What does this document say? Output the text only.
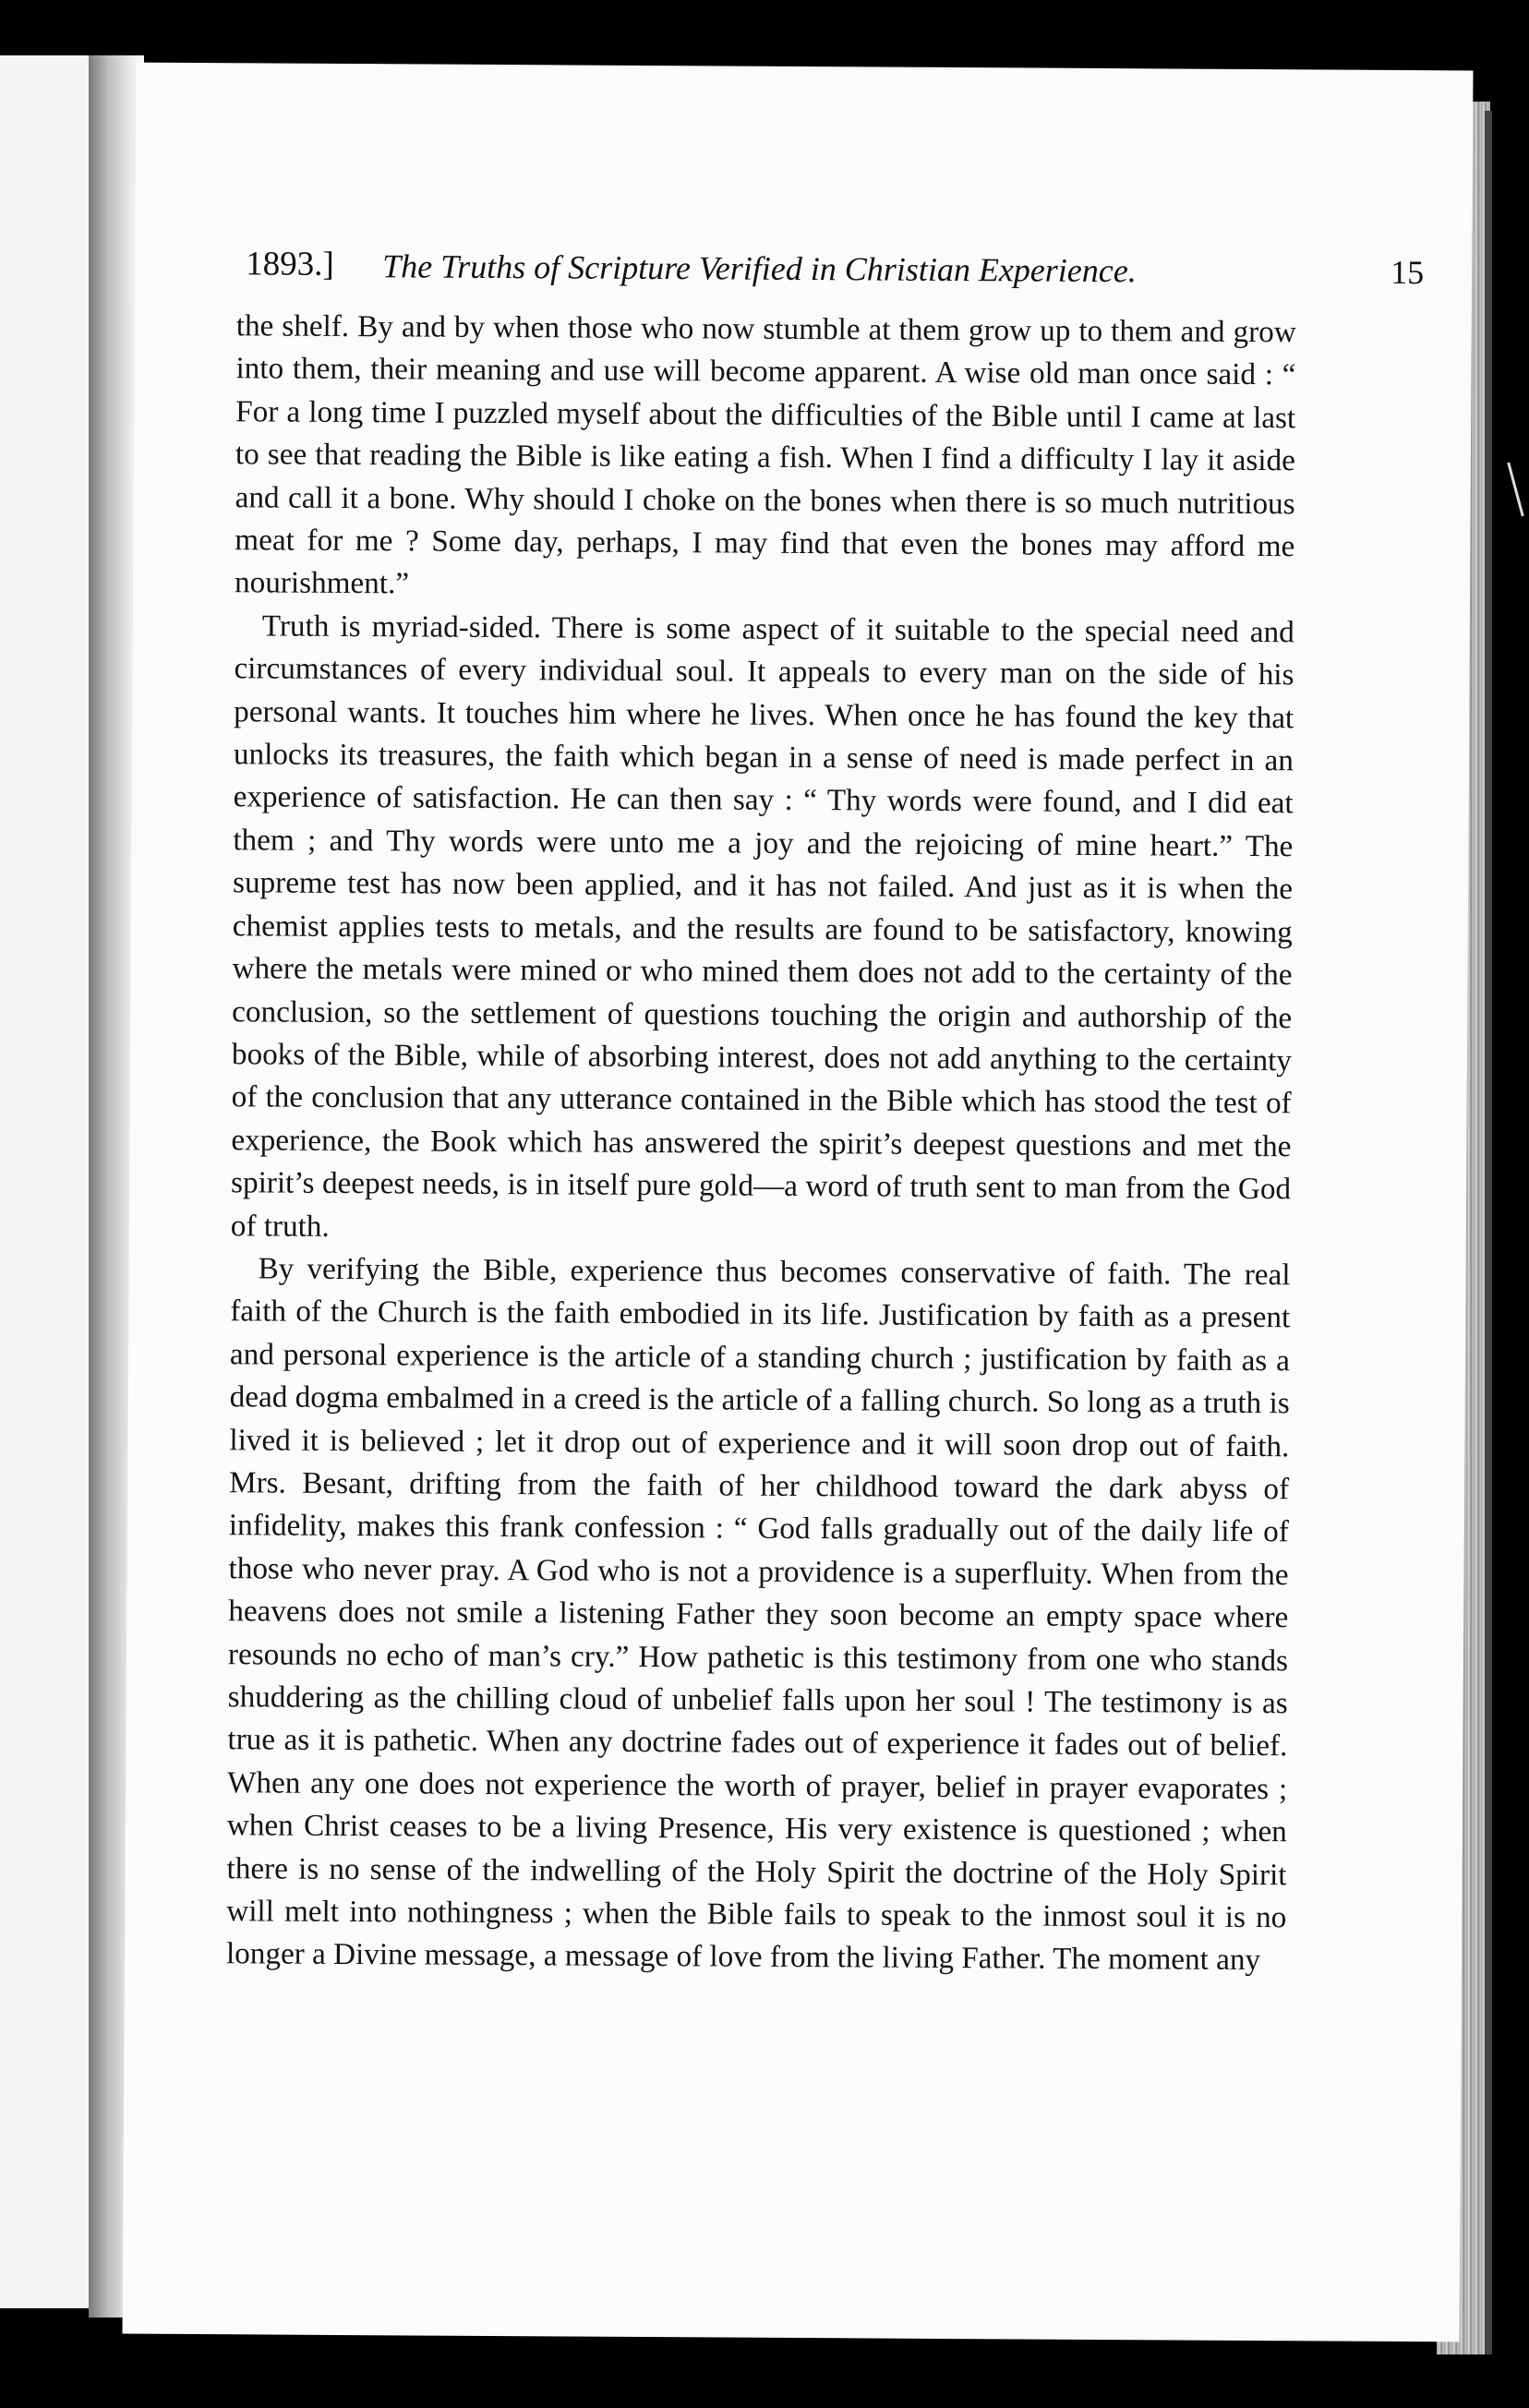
1893.] The Truths of Scripture Verified in Christian Experience.	15

the shelf. By and by when those who now stumble at them grow up to them and grow into them, their meaning and use will become apparent. A wise old man once said : “ For a long time I puzzled myself about the difficulties of the Bible until I came at last to see that reading the Bible is like eating a fish. When I find a difficulty I lay it aside and call it a bone. Why should I choke on the bones when there is so much nutritious meat for me ? Some day, perhaps, I may find that even the bones may afford me nourishment.”

Truth is myriad-sided. There is some aspect of it suitable to the special need and circumstances of every individual soul. It appeals to every man on the side of his personal wants. It touches him where he lives. When once he has found the key that unlocks its treasures, the faith which began in a sense of need is made perfect in an experience of satisfaction. He can then say : “ Thy words were found, and I did eat them ; and Thy words were unto me a joy and the rejoicing of mine heart.” The supreme test has now been applied, and it has not failed. And just as it is when the chemist applies tests to metals, and the results are found to be satisfactory, knowing where the metals were mined or who mined them does not add to the certainty of the conclusion, so the settlement of questions touching the origin and authorship of the books of the Bible, while of absorbing interest, does not add anything to the certainty of the conclusion that any utterance contained in the Bible which has stood the test of experience, the Book which has answered the spirit’s deepest questions and met the spirit’s deepest needs, is in itself pure gold—a word of truth sent to man from the God of truth.

By verifying the Bible, experience thus becomes conservative of faith. The real faith of the Church is the faith embodied in its life. Justification by faith as a present and personal experience is the article of a standing church ; justification by faith as a dead dogma embalmed in a creed is the article of a falling church. So long as a truth is lived it is believed ; let it drop out of experience and it will soon drop out of faith. Mrs. Besant, drifting from the faith of her childhood toward the dark abyss of infidelity, makes this frank confession : “ God falls gradually out of the daily life of those who never pray. A God who is not a providence is a superfluity. When from the heavens does not smile a listening Father they soon become an empty space where resounds no echo of man’s cry.” How pathetic is this testimony from one who stands shuddering as the chilling cloud of unbelief falls upon her soul ! The testimony is as true as it is pathetic. When any doctrine fades out of experience it fades out of belief. When any one does not experience the worth of prayer, belief in prayer evaporates ; when Christ ceases to be a living Presence, His very existence is questioned ; when there is no sense of the indwelling of the Holy Spirit the doctrine of the Holy Spirit will melt into nothingness ; when the Bible fails to speak to the inmost soul it is no longer a Divine message, a message of love from the living Father. The moment any
